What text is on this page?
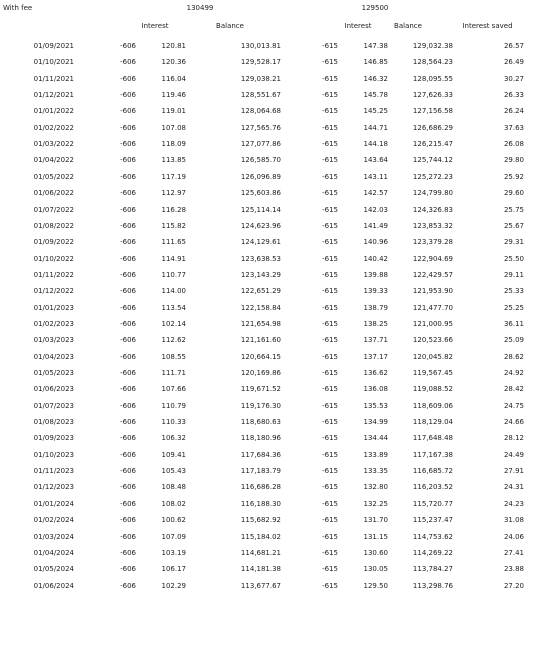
With fee	130499	129500
Interest	Balance	Interest	Balance	Interest saved
01/09/2021	-606	120.81	130,013.81	-615	147.38	129,032.38	26.57
01/10/2021	-606	120.36	129,528.17	-615	146.85	128,564.23	26.49
01/11/2021	-606	116.04	129,038.21	-615	146.32	128,095.55	30.27
01/12/2021	-606	119.46	128,551.67	-615	145.78	127,626.33	26.33
01/01/2022	-606	119.01	128,064.68	-615	145.25	127,156.58	26.24
01/02/2022	-606	107.08	127,565.76	-615	144.71	126,686.29	37.63
01/03/2022	-606	118.09	127,077.86	-615	144.18	126,215.47	26.08
01/04/2022	-606	113.85	126,585.70	-615	143.64	125,744.12	29.80
01/05/2022	-606	117.19	126,096.89	-615	143.11	125,272.23	25.92
01/06/2022	-606	112.97	125,603.86	-615	142.57	124,799.80	29.60
01/07/2022	-606	116.28	125,114.14	-615	142.03	124,326.83	25.75
01/08/2022	-606	115.82	124,623.96	-615	141.49	123,853.32	25.67
01/09/2022	-606	111.65	124,129.61	-615	140.96	123,379.28	29.31
01/10/2022	-606	114.91	123,638.53	-615	140.42	122,904.69	25.50
01/11/2022	-606	110.77	123,143.29	-615	139.88	122,429.57	29.11
01/12/2022	-606	114.00	122,651.29	-615	139.33	121,953.90	25.33
01/01/2023	-606	113.54	122,158.84	-615	138.79	121,477.70	25.25
01/02/2023	-606	102.14	121,654.98	-615	138.25	121,000.95	36.11
01/03/2023	-606	112.62	121,161.60	-615	137.71	120,523.66	25.09
01/04/2023	-606	108.55	120,664.15	-615	137.17	120,045.82	28.62
01/05/2023	-606	111.71	120,169.86	-615	136.62	119,567.45	24.92
01/06/2023	-606	107.66	119,671.52	-615	136.08	119,088.52	28.42
01/07/2023	-606	110.79	119,176.30	-615	135.53	118,609.06	24.75
01/08/2023	-606	110.33	118,680.63	-615	134.99	118,129.04	24.66
01/09/2023	-606	106.32	118,180.96	-615	134.44	117,648.48	28.12
01/10/2023	-606	109.41	117,684.36	-615	133.89	117,167.38	24.49
01/11/2023	-606	105.43	117,183.79	-615	133.35	116,685.72	27.91
01/12/2023	-606	108.48	116,686.28	-615	132.80	116,203.52	24.31
01/01/2024	-606	108.02	116,188.30	-615	132.25	115,720.77	24.23
01/02/2024	-606	100.62	115,682.92	-615	131.70	115,237.47	31.08
01/03/2024	-606	107.09	115,184.02	-615	131.15	114,753.62	24.06
01/04/2024	-606	103.19	114,681.21	-615	130.60	114,269.22	27.41
01/05/2024	-606	106.17	114,181.38	-615	130.05	113,784.27	23.88
01/06/2024	-606	102.29	113,677.67	-615	129.50	113,298.76	27.20
